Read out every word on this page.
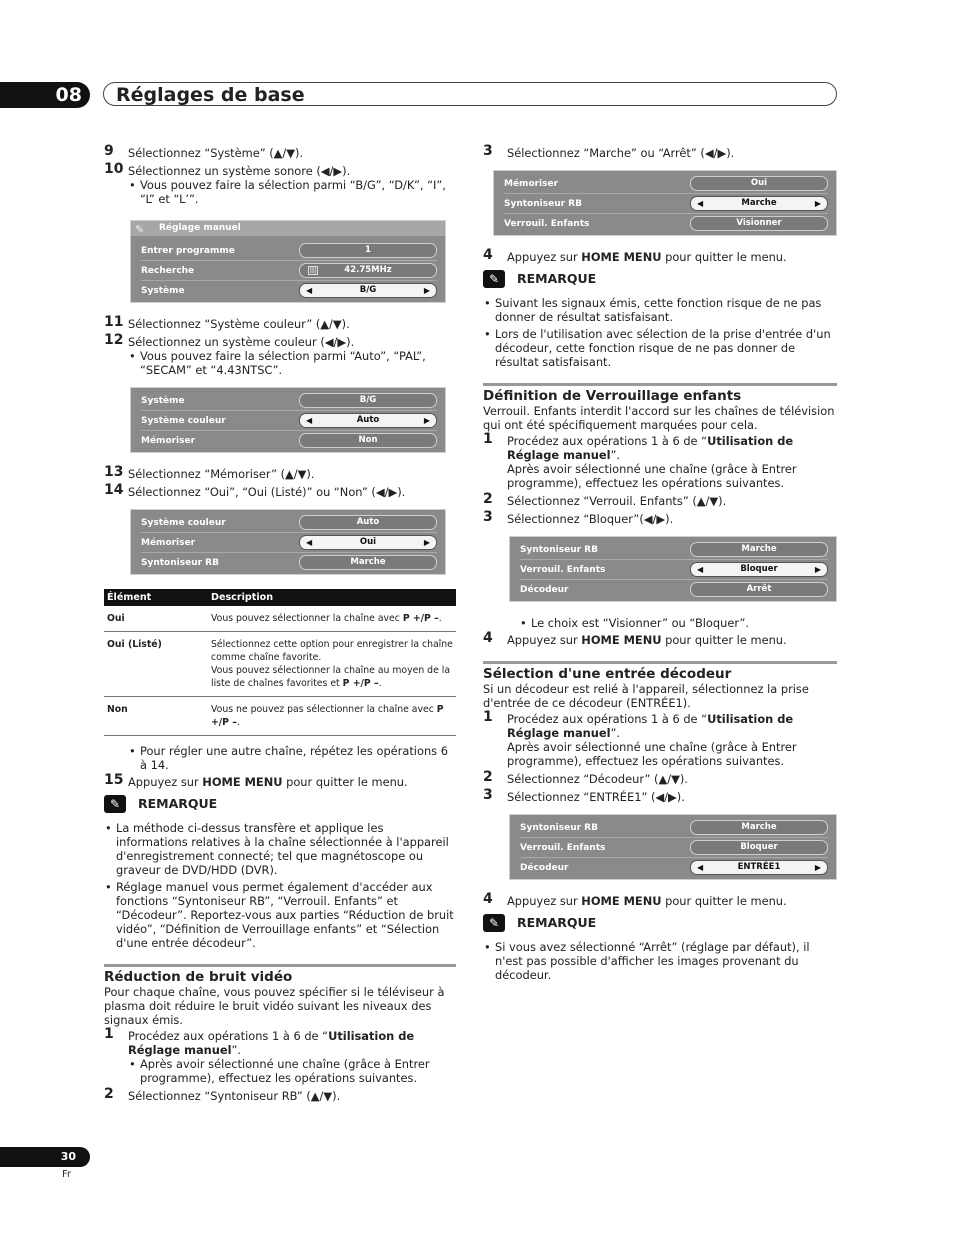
08	Réglages de base
9 Sélectionnez “Système” (▲/▼).
10 Sélectionnez un système sonore (◀/▶).
• Vous pouvez faire la sélection parmi “B/G”, “D/K”, “I”, “L” et “L’”.
✎ Réglage manuel
Entrer programme	1
Recherche	|||	42.75MHz
Système	◀	B/G	▶
11 Sélectionnez “Système couleur” (▲/▼).
12 Sélectionnez un système couleur (◀/▶).
• Vous pouvez faire la sélection parmi “Auto”, “PAL”, “SECAM” et “4.43NTSC”.
Système	B/G
Système couleur	◀	Auto	▶
Mémoriser	Non
13 Sélectionnez “Mémoriser” (▲/▼).
14 Sélectionnez “Oui”, “Oui (Listé)” ou “Non” (◀/▶).
Système couleur	Auto
Mémoriser	◀	Oui	▶
Syntoniseur RB	Marche
Élément	Description
Oui	Vous pouvez sélectionner la chaîne avec P +/P –.
Oui (Listé)	Sélectionnez cette option pour enregistrer la chaîne comme chaîne favorite.
Vous pouvez sélectionner la chaîne au moyen de la liste de chaînes favorites et P +/P –.
Non	Vous ne pouvez pas sélectionner la chaîne avec P +/P –.
• Pour régler une autre chaîne, répétez les opérations 6 à 14.
15 Appuyez sur HOME MENU pour quitter le menu.
✎	REMARQUE
• La méthode ci-dessus transfère et applique les informations relatives à la chaîne sélectionnée à l'appareil d'enregistrement connecté; tel que magnétoscope ou graveur de DVD/HDD (DVR).
• Réglage manuel vous permet également d'accéder aux fonctions “Syntoniseur RB”, “Verrouil. Enfants” et “Décodeur”. Reportez-vous aux parties “Réduction de bruit vidéo”, “Définition de Verrouillage enfants” et “Sélection d'une entrée décodeur”.
Réduction de bruit vidéo
Pour chaque chaîne, vous pouvez spécifier si le téléviseur à plasma doit réduire le bruit vidéo suivant les niveaux des signaux émis.
1 Procédez aux opérations 1 à 6 de “Utilisation de Réglage manuel”.
• Après avoir sélectionné une chaîne (grâce à Entrer programme), effectuez les opérations suivantes.
2 Sélectionnez “Syntoniseur RB” (▲/▼).
3 Sélectionnez “Marche” ou “Arrêt” (◀/▶).
Mémoriser	Oui
Syntoniseur RB	◀	Marche	▶
Verrouil. Enfants	Visionner
4 Appuyez sur HOME MENU pour quitter le menu.
✎	REMARQUE
• Suivant les signaux émis, cette fonction risque de ne pas donner de résultat satisfaisant.
• Lors de l'utilisation avec sélection de la prise d'entrée d'un décodeur, cette fonction risque de ne pas donner de résultat satisfaisant.
Définition de Verrouillage enfants
Verrouil. Enfants interdit l'accord sur les chaînes de télévision qui ont été spécifiquement marquées pour cela.
1 Procédez aux opérations 1 à 6 de “Utilisation de Réglage manuel”.
Après avoir sélectionné une chaîne (grâce à Entrer programme), effectuez les opérations suivantes.
2 Sélectionnez “Verrouil. Enfants” (▲/▼).
3 Sélectionnez “Bloquer”(◀/▶).
Syntoniseur RB	Marche
Verrouil. Enfants	◀	Bloquer	▶
Décodeur	Arrêt
• Le choix est “Visionner” ou “Bloquer”.
4 Appuyez sur HOME MENU pour quitter le menu.
Sélection d'une entrée décodeur
Si un décodeur est relié à l'appareil, sélectionnez la prise d'entrée de ce décodeur (ENTRÉE1).
1 Procédez aux opérations 1 à 6 de “Utilisation de Réglage manuel”.
Après avoir sélectionné une chaîne (grâce à Entrer programme), effectuez les opérations suivantes.
2 Sélectionnez “Décodeur” (▲/▼).
3 Sélectionnez “ENTRÉE1” (◀/▶).
Syntoniseur RB	Marche
Verrouil. Enfants	Bloquer
Décodeur	◀	ENTRÉE1	▶
4 Appuyez sur HOME MENU pour quitter le menu.
✎	REMARQUE
• Si vous avez sélectionné “Arrêt” (réglage par défaut), il n'est pas possible d'afficher les images provenant du décodeur.
30
Fr
